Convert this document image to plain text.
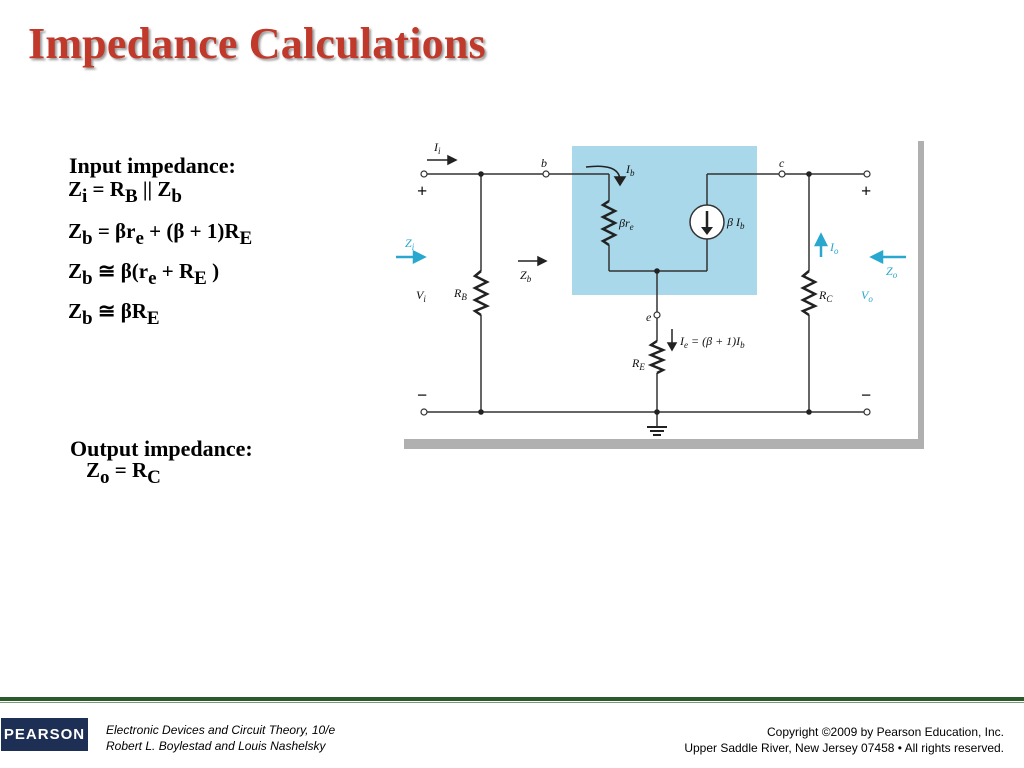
Impedance Calculations
Input impedance:
$Z_i = R_B$ || $Z_b$
$Z_b = \beta r_e + (\beta + 1)R_E$
$Z_b$ ≅ $\beta(r_e + R_E$ )
$Z_b$ ≅ $\beta R_E$
Output impedance:
$Z_o = R_C$
$I_i$
b	c
e
$I_b$
$\beta r_e$	β $I_b$
$V_i$ $R_B$
$Z_b$
$R_C$
$R_E$
$I_e = (\beta + 1)I_b$
$Z_i$	$I_o$
$V_o$
$Z_o$
+	+
−	−
PEARSON Electronic Devices and Circuit Theory, 10/e
Robert L. Boylestad and Louis Nashelsky
Copyright ©2009 by Pearson Education, Inc.
Upper Saddle River, New Jersey 07458 • All rights reserved.
